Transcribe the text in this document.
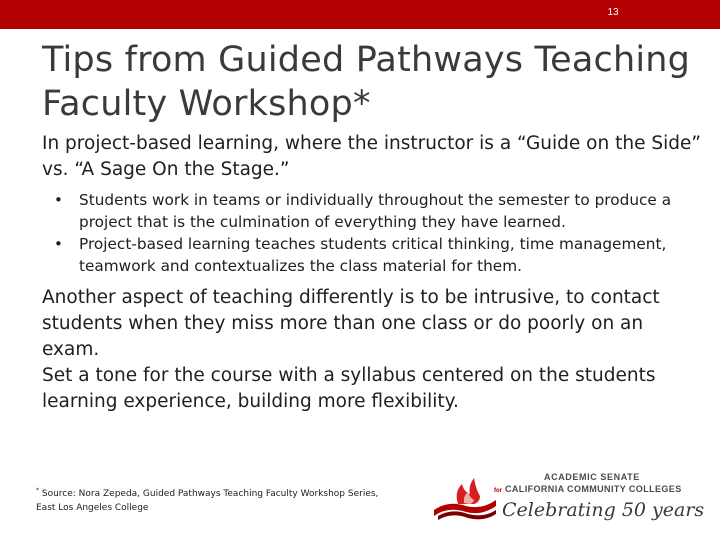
13
Tips from Guided Pathways Teaching Faculty Workshop*

In project-based learning, where the instructor is a “Guide on the Side” vs. “A Sage On the Stage.”

• Students work in teams or individually throughout the semester to produce a project that is the culmination of everything they have learned.
• Project-based learning teaches students critical thinking, time management, teamwork and contextualizes the class material for them.

Another aspect of teaching differently is to be intrusive, to contact students when they miss more than one class or do poorly on an exam.

Set a tone for the course with a syllabus centered on the students learning experience, building more flexibility.

* Source: Nora Zepeda, Guided Pathways Teaching Faculty Workshop Series, East Los Angeles College

ACADEMIC SENATE
for CALIFORNIA COMMUNITY COLLEGES
Celebrating 50 years
